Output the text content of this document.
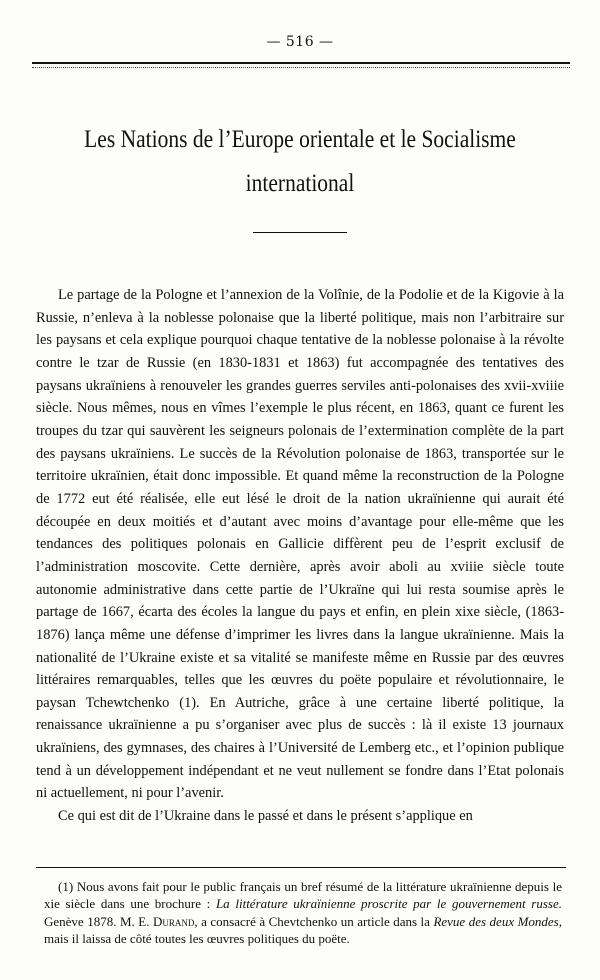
— 516 —
Les Nations de l’Europe orientale et le Socialisme
international

Le partage de la Pologne et l’annexion de la Volînie, de la Podolie et de la Kigovie à la Russie, n’enleva à la noblesse polonaise que la liberté politique, mais non l’arbitraire sur les paysans et cela explique pourquoi chaque tentative de la noblesse polonaise à la révolte contre le tzar de Russie (en 1830-1831 et 1863) fut accompagnée des tentatives des paysans ukraïniens à renouveler les grandes guerres serviles anti-polonaises des xvii-xviiie siècle. Nous mêmes, nous en vîmes l’exemple le plus récent, en 1863, quant ce furent les troupes du tzar qui sauvèrent les seigneurs polonais de l’extermination complète de la part des paysans ukraïniens. Le succès de la Révolution polonaise de 1863, transportée sur le territoire ukraïnien, était donc impossible. Et quand même la reconstruction de la Pologne de 1772 eut été réalisée, elle eut lésé le droit de la nation ukraïnienne qui aurait été découpée en deux moitiés et d’autant avec moins d’avantage pour elle-même que les tendances des politiques polonais en Gallicie diffèrent peu de l’esprit exclusif de l’administration moscovite. Cette dernière, après avoir aboli au xviiie siècle toute autonomie administrative dans cette partie de l’Ukraïne qui lui resta soumise après le partage de 1667, écarta des écoles la langue du pays et enfin, en plein xixe siècle, (1863-1876) lança même une défense d’imprimer les livres dans la langue ukraïnienne. Mais la nationalité de l’Ukraine existe et sa vitalité se manifeste même en Russie par des œuvres littéraires remarquables, telles que les œuvres du poëte populaire et révolutionnaire, le paysan Tchewtchenko (1). En Autriche, grâce à une certaine liberté politique, la renaissance ukraïnienne a pu s’organiser avec plus de succès : là il existe 13 journaux ukraïniens, des gymnases, des chaires à l’Université de Lemberg etc., et l’opinion publique tend à un développement indépendant et ne veut nullement se fondre dans l’Etat polonais ni actuellement, ni pour l’avenir.

Ce qui est dit de l’Ukraine dans le passé et dans le présent s’applique en

(1) Nous avons fait pour le public français un bref résumé de la littérature ukraïnienne depuis le xie siècle dans une brochure : La littérature ukraïnienne proscrite par le gouvernement russe. Genève 1878. M. E. Durand, a consacré à Chevtchenko un article dans la Revue des deux Mondes, mais il laissa de côté toutes les œuvres politiques du poëte.
